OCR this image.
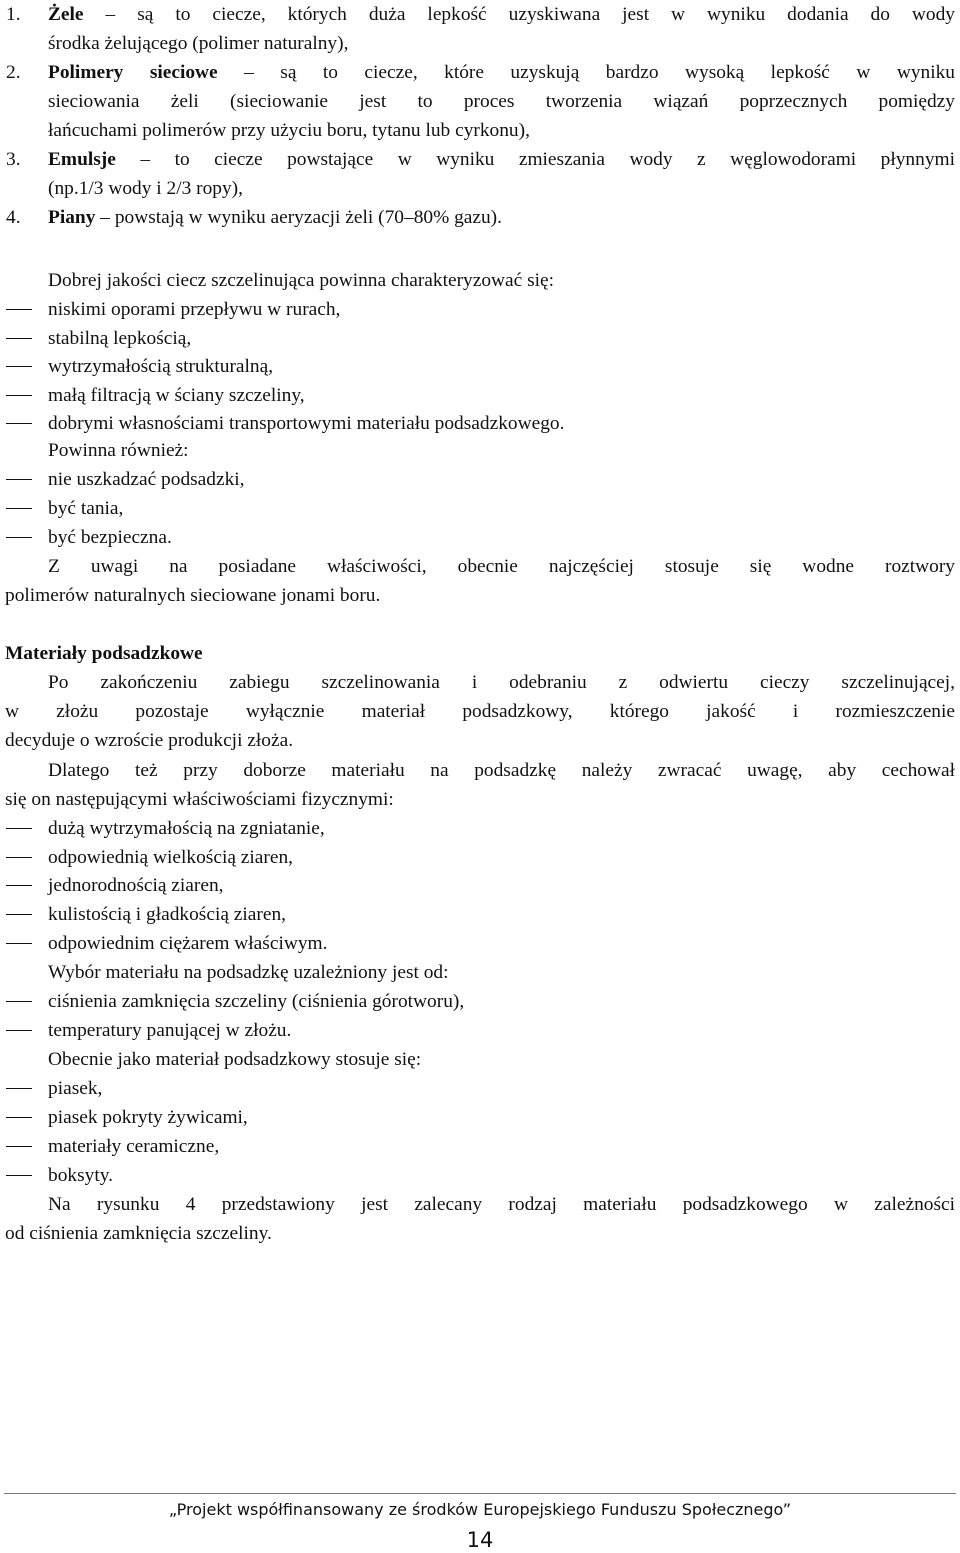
1. Żele – są to ciecze, których duża lepkość uzyskiwana jest w wyniku dodania do wody
środka żelującego (polimer naturalny),
2. Polimery sieciowe – są to ciecze, które uzyskują bardzo wysoką lepkość w wyniku
sieciowania żeli (sieciowanie jest to proces tworzenia wiązań poprzecznych pomiędzy
łańcuchami polimerów przy użyciu boru, tytanu lub cyrkonu),
3. Emulsje – to ciecze powstające w wyniku zmieszania wody z węglowodorami płynnymi
(np.1/3 wody i 2/3 ropy),
4. Piany – powstają w wyniku aeryzacji żeli (70–80% gazu).
Dobrej jakości ciecz szczelinująca powinna charakteryzować się:
niskimi oporami przepływu w rurach,
stabilną lepkością,
wytrzymałością strukturalną,
małą filtracją w ściany szczeliny,
dobrymi własnościami transportowymi materiału podsadzkowego.
Powinna również:
nie uszkadzać podsadzki,
być tania,
być bezpieczna.
Z uwagi na posiadane właściwości, obecnie najczęściej stosuje się wodne roztwory
polimerów naturalnych sieciowane jonami boru.
Materiały podsadzkowe
Po zakończeniu zabiegu szczelinowania i odebraniu z odwiertu cieczy szczelinującej,
w złożu pozostaje wyłącznie materiał podsadzkowy, którego jakość i rozmieszczenie
decyduje o wzroście produkcji złoża.
Dlatego też przy doborze materiału na podsadzkę należy zwracać uwagę, aby cechował
się on następującymi właściwościami fizycznymi:
dużą wytrzymałością na zgniatanie,
odpowiednią wielkością ziaren,
jednorodnością ziaren,
kulistością i gładkością ziaren,
odpowiednim ciężarem właściwym.
Wybór materiału na podsadzkę uzależniony jest od:
ciśnienia zamknięcia szczeliny (ciśnienia górotworu),
temperatury panującej w złożu.
Obecnie jako materiał podsadzkowy stosuje się:
piasek,
piasek pokryty żywicami,
materiały ceramiczne,
boksyty.
Na rysunku 4 przedstawiony jest zalecany rodzaj materiału podsadzkowego w zależności
od ciśnienia zamknięcia szczeliny.
„Projekt współfinansowany ze środków Europejskiego Funduszu Społecznego”
14
